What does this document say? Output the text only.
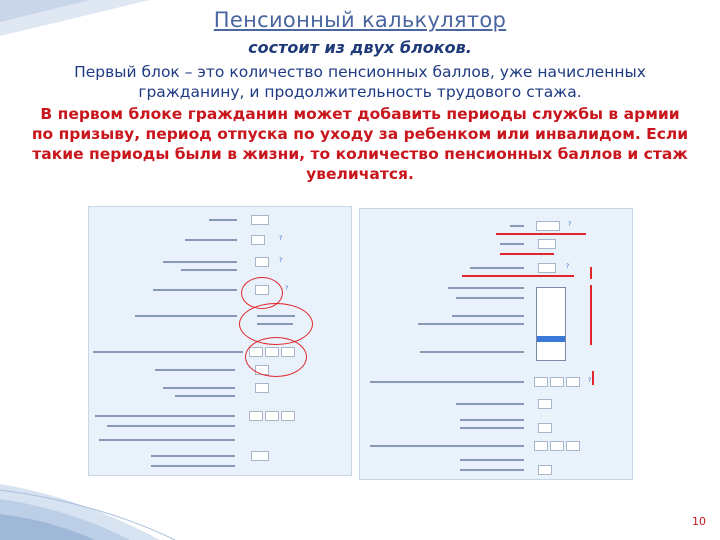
Пенсионный калькулятор
состоит из двух блоков.
Первый блок – это количество пенсионных баллов, уже начисленных гражданину, и продолжительность трудового стажа.
В первом блоке гражданин может добавить периоды службы в армии по призыву, период отпуска по уходу за ребенком или инвалидом. Если такие периоды были в жизни, то количество пенсионных баллов и стаж увеличатся.
?
?
?
?
?
?
10
